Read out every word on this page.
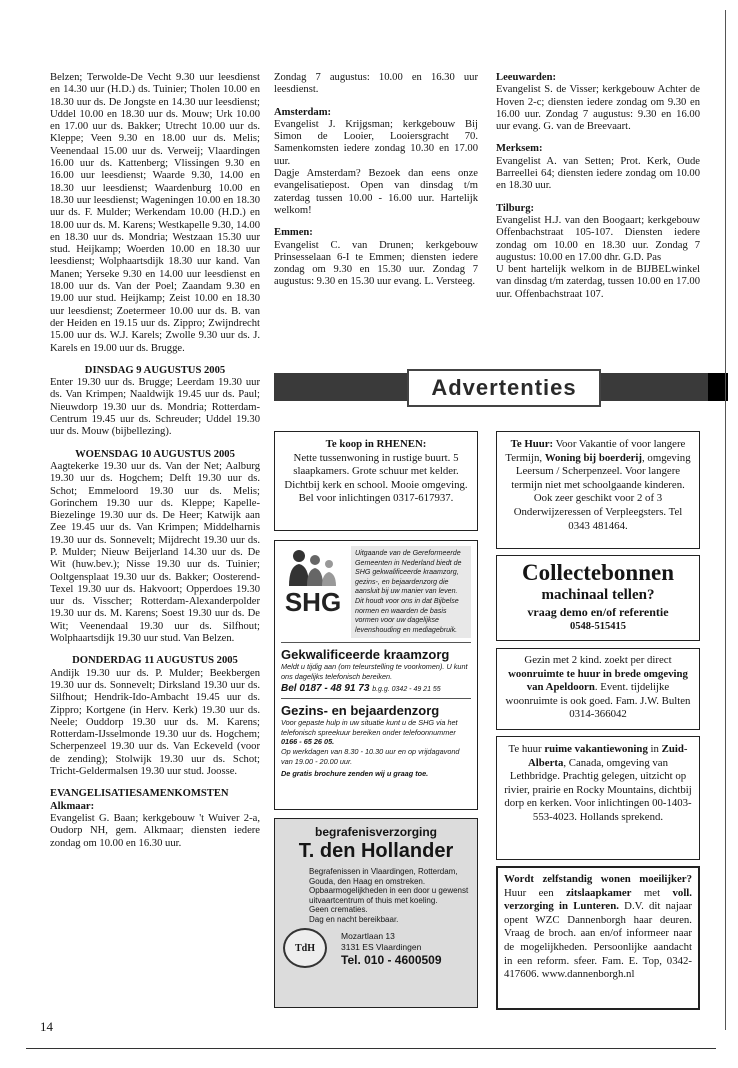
Belzen; Terwolde-De Vecht 9.30 uur leesdienst en 14.30 uur (H.D.) ds. Tuinier; Tholen 10.00 en 18.30 uur ds. De Jongste en 14.30 uur leesdienst; Uddel 10.00 en 18.30 uur ds. Mouw; Urk 10.00 en 17.00 uur ds. Bakker; Utrecht 10.00 uur ds. Kleppe; Veen 9.30 en 18.00 uur ds. Melis; Veenendaal 15.00 uur ds. Verweij; Vlaardingen 16.00 uur ds. Kattenberg; Vlissingen 9.30 en 16.00 uur leesdienst; Waarde 9.30, 14.00 en 18.30 uur leesdienst; Waardenburg 10.00 en 18.30 uur leesdienst; Wageningen 10.00 en 18.30 uur ds. F. Mulder; Werkendam 10.00 (H.D.) en 18.00 uur ds. M. Karens; Westkapelle 9.30, 14.00 en 18.30 uur ds. Mondria; Westzaan 15.30 uur stud. Heijkamp; Woerden 10.00 en 18.30 uur leesdienst; Wolphaartsdijk 18.30 uur kand. Van Manen; Yerseke 9.30 en 14.00 uur leesdienst en 18.00 uur ds. Van der Poel; Zaandam 9.30 en 19.00 uur stud. Heijkamp; Zeist 10.00 en 18.30 uur leesdienst; Zoetermeer 10.00 uur ds. B. van der Heiden en 19.15 uur ds. Zippro; Zwijndrecht 15.00 uur ds. W.J. Karels; Zwolle 9.30 uur ds. J. Karels en 19.00 uur ds. Brugge.

DINSDAG 9 AUGUSTUS 2005

Enter 19.30 uur ds. Brugge; Leerdam 19.30 uur ds. Van Krimpen; Naaldwijk 19.45 uur ds. Paul; Nieuwdorp 19.30 uur ds. Mondria; Rotterdam-Centrum 19.45 uur ds. Schreuder; Uddel 19.30 uur ds. Mouw (bijbellezing).

WOENSDAG 10 AUGUSTUS 2005

Aagtekerke 19.30 uur ds. Van der Net; Aalburg 19.30 uur ds. Hogchem; Delft 19.30 uur ds. Schot; Emmeloord 19.30 uur ds. Melis; Gorinchem 19.30 uur ds. Kleppe; Kapelle-Biezelinge 19.30 uur ds. De Heer; Katwijk aan Zee 19.45 uur ds. Van Krimpen; Middelharnis 19.30 uur ds. Sonnevelt; Mijdrecht 19.30 uur ds. P. Mulder; Nieuw Beijerland 14.30 uur ds. De Wit (huw.bev.); Nisse 19.30 uur ds. Tuinier; Ooltgensplaat 19.30 uur ds. Bakker; Oosterend-Texel 19.30 uur ds. Hakvoort; Opperdoes 19.30 uur ds. Visscher; Rotterdam-Alexanderpolder 19.30 uur ds. M. Karens; Soest 19.30 uur ds. De Wit; Veenendaal 19.30 uur ds. Silfhout; Wolphaartsdijk 19.30 uur stud. Van Belzen.

DONDERDAG 11 AUGUSTUS 2005

Andijk 19.30 uur ds. P. Mulder; Beekbergen 19.30 uur ds. Sonnevelt; Dirksland 19.30 uur ds. Silfhout; Hendrik-Ido-Ambacht 19.45 uur ds. Zippro; Kortgene (in Herv. Kerk) 19.30 uur ds. Neele; Ouddorp 19.30 uur ds. M. Karens; Rotterdam-IJsselmonde 19.30 uur ds. Hogchem; Scherpenzeel 19.30 uur ds. Van Eckeveld (voor de zending); Stolwijk 19.30 uur ds. Schot; Tricht-Geldermalsen 19.30 uur stud. Joosse.

EVANGELISATIESAMENKOMSTEN

Alkmaar:

Evangelist G. Baan; kerkgebouw 't Wuiver 2-a, Oudorp NH, gem. Alkmaar; diensten iedere zondag om 10.00 en 16.30 uur.

Zondag 7 augustus: 10.00 en 16.30 uur leesdienst.

Amsterdam:

Evangelist J. Krijgsman; kerkgebouw Bij Simon de Looier, Looiersgracht 70. Samenkomsten iedere zondag 10.30 en 17.00 uur.

Dagje Amsterdam? Bezoek dan eens onze evangelisatiepost. Open van dinsdag t/m zaterdag tussen 10.00 - 16.00 uur. Hartelijk welkom!

Emmen:

Evangelist C. van Drunen; kerkgebouw Prinsesselaan 6-I te Emmen; diensten iedere zondag om 9.30 en 15.30 uur. Zondag 7 augustus: 9.30 en 15.30 uur evang. L. Versteeg.

Leeuwarden:

Evangelist S. de Visser; kerkgebouw Achter de Hoven 2-c; diensten iedere zondag om 9.30 en 16.00 uur. Zondag 7 augustus: 9.30 en 16.00 uur evang. G. van de Breevaart.

Merksem:

Evangelist A. van Setten; Prot. Kerk, Oude Barreellei 64; diensten iedere zondag om 10.00 en 18.30 uur.

Tilburg:

Evangelist H.J. van den Boogaart; kerkgebouw Offenbachstraat 105-107. Diensten iedere zondag om 10.00 en 18.30 uur. Zondag 7 augustus: 10.00 en 17.00 dhr. G.D. Pas

U bent hartelijk welkom in de BIJBELwinkel van dinsdag t/m zaterdag, tussen 10.00 en 17.00 uur. Offenbachstraat 107.

Advertenties
Te koop in RHENEN:
Nette tussenwoning in rustige buurt. 5 slaapkamers. Grote schuur met kelder. Dichtbij kerk en school. Mooie omgeving.
Bel voor inlichtingen 0317-617937.
SHG
Uitgaande van de Gereformeerde Gemeenten in Nederland biedt de SHG gekwalificeerde kraamzorg, gezins-, en bejaardenzorg die aansluit bij uw manier van leven. Dit houdt voor ons in dat Bijbelse normen en waarden de basis vormen voor uw dagelijkse levenshouding en mediagebruik.
Gekwalificeerde kraamzorg
Meldt u tijdig aan (om teleurstelling te voorkomen). U kunt ons dagelijks telefonisch bereiken.
Bel 0187 - 48 91 73 b.g.g. 0342 - 49 21 55
Gezins- en bejaardenzorg
Voor gepaste hulp in uw situatie kunt u de SHG via het telefonisch spreekuur bereiken onder telefoonnummer 0166 - 65 26 05.
Op werkdagen van 8.30 - 10.30 uur en op vrijdagavond van 19.00 - 20.00 uur.
De gratis brochure zenden wij u graag toe.
begrafenisverzorging
T. den Hollander
Begrafenissen in Vlaardingen, Rotterdam, Gouda, den Haag en omstreken.
Opbaarmogelijkheden in een door u gewenst uitvaartcentrum of thuis met koeling.
Geen crematies.
Dag en nacht bereikbaar.
TdH
Mozartlaan 13
3131 ES Vlaardingen
Tel. 010 - 4600509
Te Huur: Voor Vakantie of voor langere Termijn, Woning bij boerderij, omgeving Leersum / Scherpenzeel. Voor langere termijn niet met schoolgaande kinderen. Ook zeer geschikt voor 2 of 3 Onderwijzeressen of Verpleegsters. Tel 0343 481464.
Collectebonnen
machinaal tellen?
vraag demo en/of referentie
0548-515415
Gezin met 2 kind. zoekt per direct woonruimte te huur in brede omgeving van Apeldoorn. Event. tijdelijke woonruimte is ook goed. Fam. J.W. Bulten 0314-366042
Te huur ruime vakantiewoning in Zuid-Alberta, Canada, omgeving van Lethbridge. Prachtig gelegen, uitzicht op rivier, prairie en Rocky Mountains, dichtbij dorp en kerken. Voor inlichtingen 00-1403-553-4023. Hollands sprekend.
Wordt zelfstandig wonen moeilijker? Huur een zitslaapkamer met voll. verzorging in Lunteren. D.V. dit najaar opent WZC Dannenborgh haar deuren. Vraag de broch. aan en/of informeer naar de mogelijkheden. Persoonlijke aandacht in een reform. sfeer. Fam. E. Top, 0342-417606. www.dannenborgh.nl
14
